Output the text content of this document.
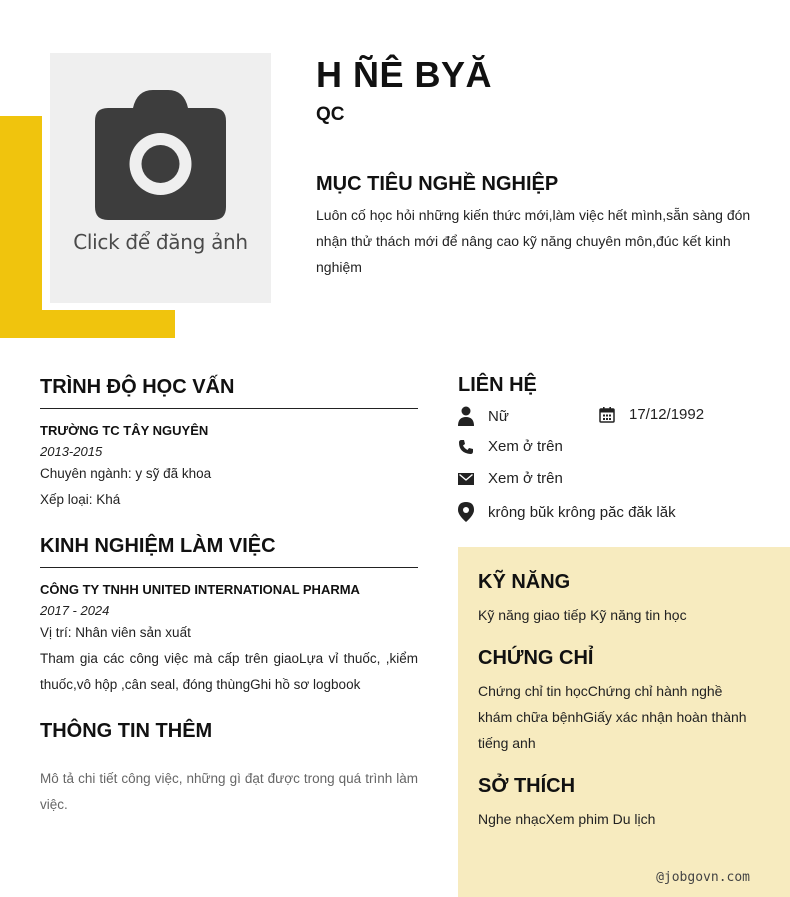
Click để đăng ảnh
H ÑÊ BYĂ
QC
MỤC TIÊU NGHỀ NGHIỆP
Luôn cố học hỏi những kiến thức mới,làm việc hết mình,sẵn sàng đón nhận thử thách mới để nâng cao kỹ năng chuyên môn,đúc kết kinh nghiệm
TRÌNH ĐỘ HỌC VẤN
TRƯỜNG TC TÂY NGUYÊN
2013-2015
Chuyên ngành: y sỹ đã khoa
Xếp loại: Khá
KINH NGHIỆM LÀM VIỆC
CÔNG TY TNHH UNITED INTERNATIONAL PHARMA
2017 - 2024
Vị trí: Nhân viên sản xuất
Tham gia các công việc mà cấp trên giaoLựa vỉ thuốc, ,kiểm thuốc,vô hộp ,cân seal, đóng thùngGhi hồ sơ logbook
THÔNG TIN THÊM
Mô tả chi tiết công việc, những gì đạt được trong quá trình làm việc.
LIÊN HỆ
Nữ	17/12/1992
Xem ở trên
Xem ở trên
krông bŭk krông păc đăk lăk
KỸ NĂNG
Kỹ năng giao tiếp Kỹ năng tin học
CHỨNG CHỈ
Chứng chỉ tin họcChứng chỉ hành nghề khám chữa bệnhGiấy xác nhận hoàn thành tiếng anh
SỞ THÍCH
Nghe nhạcXem phim Du lịch
@jobgovn.com
